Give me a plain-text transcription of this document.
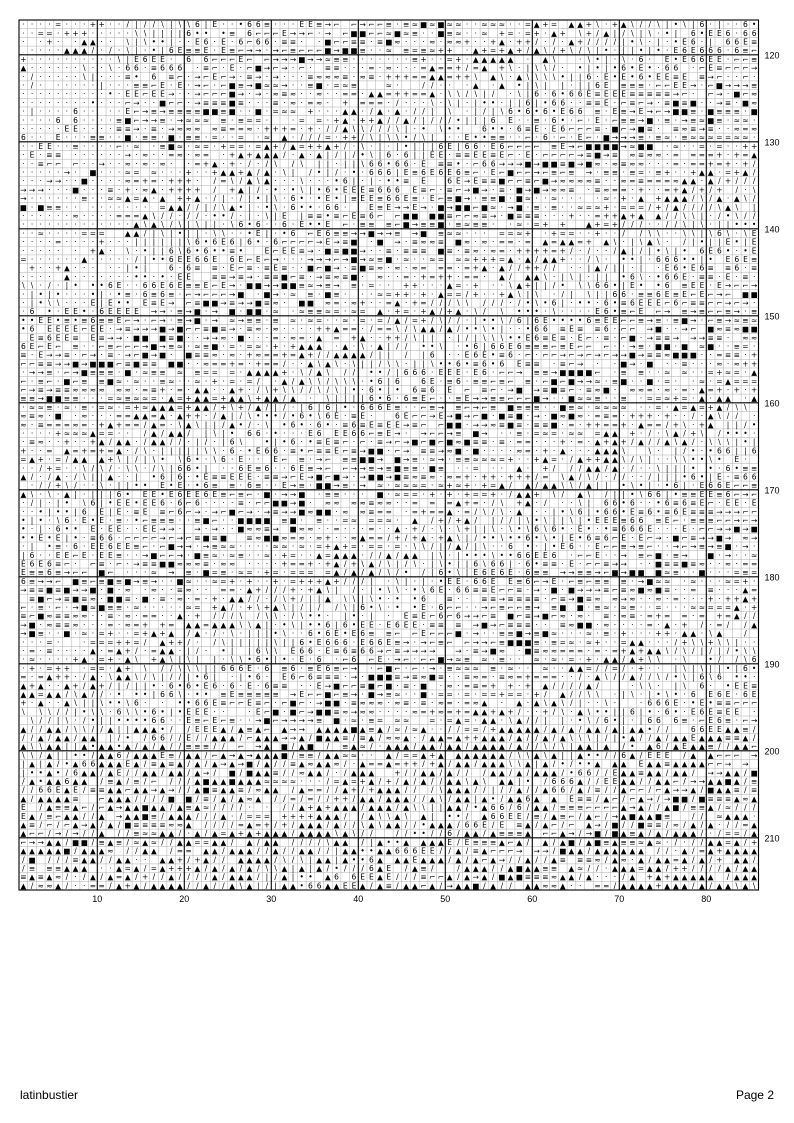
· · · · = · · · + + · · / | / / \ | \ \ 6 | E · · • 6 6 ≡ · · · E E ≡ → ⌐ ⌐ → ⌐ ⌐ ≡ · ≡ ≈ ■ ≈ ■ ≈ ≈ · · ≈ ≈ ≈ · · = ▲ + = ▲ ▲ + \ · + ▲ \ / / \ | • \ | 6 · | · · 6 •
· · = = · + + + · · · · · \ \ | | | | 6 • • • ≡ 6 ⌐ ⌐ ⌐ E → → ⌐ · → ⌐ ■ ■ ⌐ ⌐ ≈ ■ ≈ ≡ · · ■ ≡ ≈ · · ≈ + = · = + · ▲ + \ + / ▲ | / \ | \ · • | 6 • E E 6 · 6 6
· · + · · ▲ ▲ · · \ | \ • • | · · E 6 · E · 6 ⌐ 6 6 · ≡ ≡ · · ■ ⌐ ⌐ ≡ ≡ · ≡ ■ ≈ · · · ≈ · ≈ ≈ + · · + ▲ · + + / · / · ▲ + / / / / | • \ · | · • E 6 · | 6 6 E ≡
· · · · ▲ ▲ ▲ / · / · \ | · • | 6 E ≡ ≡ E · E ≡ ⌐ → → · → ⌐ ≡ ⌐ ⌐ ⌐ ■ → ■ ■ ≡ · · ≈ ≡ = ≡ ≈ + + · ▲ + = + ▲ + / ▲ \ / + \ / \ | • · | | • | • · E 6 E 6 6 6 · 6 ≡ ⌐
+ · · · · · · · · · · \ | E 6 E E · 6 6 ⌐ ⌐ ⌐ E ⌐ ⌐ → → → ■ → → ≈ ≡ ≡ · · · · · · · ≡ + · · = + · ▲ ▲ ▲ ▲ ▲ · ▲ \	· \ • | · \ · 6 · E • E 6 6 E E · ⌐ ⌐ ≡
▲ · · · · · · \ · · \ · 6 6 · ≡ 6 6 6 · ≡ ⌐ · E · ⌐ ■ → ⌐ → · ⌐ · ≡ ≡ · · · = · ≈ · · · = ▲ = = + / = ▲ + \ · | \ \ / · • | • | • 6 • E • · 6 6 · ⌐ E ≡ ⌐ ⌐ ⌐ →
· / · · · · · \ | · · · ≡ • 6 ≡ ⌐ · → ⌐ E ⌐ → · ≡ → · → · · · ≡ ≈ ≈ ≈ ≡ · ≈ ≡ · + + + = = ▲ ▲ = + + \ ▲ \ · ▲ \ \ \ \ • | | 6 · E • E • 6 • E E ≡ E ≡ → ⌐ · · ⌐ ·
· / · · · · · · | · · · ≡ ≡ ⌐ E · E · → ⌐ · ⌐ ■ ≡ → ■ ≈ ≈ → · · ≡ ■ · = ≈ ≡	≈ ·	/ / · · · ▲ · ▲ • | \ | | · | | 6 E ≡ ≡ ≡ · ⌐ ⌐ E E → · ⌐ ■ → → → ≡
· · · · · · · · · · • · E E ⌐ E E → · · → ⌐ ⌐ ⌐ ■ → · → · ≈ ≡ ≈ · · ≈ · · = = · ▲ ▲ = + + = = ▲ · \ \ / \ | / · \ | 6 · 6 • 6 6 E ≡ E E E ≡ ≡ ≡ ≡ ≡ → ⌐ · ⌐ → · ■ ⌐ ≈
· · · · · · · · • · · · ⌐ → · · ■ ⌐ ⌐ · → ≡ ≡ ≡ ■ ≡ · · · ≡ · ≈ · = ≈ · + = = = · / · · · \ · \ | · | • • · | | 6 | • 6 6 · · ≡ ≡ E · ⌐ ≡ ⌐ → · ≡ ■ ≡ ■ · · → ≡ · ■ ≈
· | · · · · 6 · · · · E ⌐ → ≡ → ≡ ≡ ≡ ≡ ■ ■ ≡ ■ · · ■ · = ≈ ≈ + · · · ▲ ▲ · / ▲ · ▲ · / / | \ · | / | \ 6 • 6 • 6 • E 6 6 ≡ · E ≡ → E → ⌐ → ■ ■ ≡ · ■ ≡ ≡ ≡ · ■
· · · · 6 6 · · · · ≡ ■ ⌐ → → ≡ · → ≈ ≈ ≈ ≡ · ≡ = = ·	· = = · + ▲ · + + ▲ / / ▲ / | / / / • | | | 6 E · · ≡ · 6 • · ⌐ · E · ⌐ ≡ ≡ → ■ · ≡ · → ≡ ≈ ■ ≡ · ≈ ≈ ·
· · · · · E E · · · · ≡ ≡ → · ≡ · → ≈ ≈ ≈ ≈ ≡ = = ≈ · + + + = · + · / / ▲ \ \ / / / \ | · • \ • •	6 • • · 6 ≡ E · E 6 ⌐ ⌐ ⌐ ≡ · ■ ⌐ → ■ ≡ · ≡ ≈ ≡ → ≡ · · ≈ = ≈
6 · · E · · · ≡ ≡ · · ■ · ≡ ≡ · ■ · ≡ ≡ · = · · = · ≈ ▲ · / / / = · + + / \ | \ \ • / \ | · · E • • ≡ ≡ · · ⌐ · 6 · ⌐ · E ⌐ · ■ → → → ≡ · ≡ ≈ · ≡ ≈ ≈ ≈ = = ≈ ≈ ·
· · E E · · ≡ · · · · ⌐ · ≈ · ≡ ■ ≈ · ≈ = · + = = · = ▲ + / ▲ = + + ▲ + / · \ · | · | • | | | 6 E | 6 6 · E 6 ⌐ ⌐ ⌐ ⌐ ≡ E → ⌐ ■ ■ ■ ■ → ≈ ■ ■ · ≈ · · = · = · · + +
· E · ≡ ≡ · · · · · · → · ≈ · · = ≈ · ≈ = · + ▲ + ▲ ▲ ▲ / · ▲ · ▲ | / | / • \ | 6 · 6 | | E E · ≡ ≡ E E ≡ E ⌐ · E · ⌐ ⌐ ⌐ ⌐ → ≡ ■ → ≡ ≈ ≡ ≈ ≈ · = = = = + · + = ▲
· · ≡ ⌐ ⌐ ⌐ · · → · · ≈ · ≈ · ≈ · · = + ▲ · + · / · / \ / \ | | · | | \ 6 6 • 6 6 · E ≡ ≡ • · ⌐ 6 6 → → → ■ → ■ ■ ≡ ■ → ■ ≈ · ≈ ≡ ≈ ≈ · · · = · = = + = + · + /
· · · · · → · ■ · · · ≈ = ≈ · · · + · · + ▲ ▲ + ▲ / ▲ · \ | / • | / · • · 6 6 6 | E ≡ 6 E 6 E 6 ≡ ⌐ · E ⌐ ■ ⌐ ⌐ → ⌐ ≡ ⌐ ≡ → · ≡ ≡ · ≡ = · ≡ + · · + ▲ ▲ · = + ▲ /
· · · → → · · ■ · · · · ≈ = + = · + + + · / = \ / ▲ \ ▲ · · · \ · · · • 6 | · | · • • ≡ E	6 E → E ≡ ≡ ■ ⌐ ⌐ ≡ ⌐ ■ → ≈ ≈ ≈ ≈ ≡ · · ≈ = ≡ = = = ≈ ▲ ▲ · ▲ / + / / /
→ → → · · · ■ · · · ≡ · + · ≈ ▲ · + + + + / + ▲ | / · • · • \ | • 6 • E E E ≡ 6 6 6 E ≡ ⌐ · ≡ ⌐ → ■ → · ≡ · ■ → ■ → ≈ ≈ ≡ · ≡ ≈ = = · + · · = + ▲ / + / + / · \
→ · · · · · · ≡ · · ≈ ≈ ▲ = ▲ · ▲ + + ▲ · / | · / | • | \ · 6 • · • E • | ≡ E E ≡ 6 6 E ≡ · E ⌐ ≡ ■ → · ≡ ≡ ■ · ■ ≈ · · ≈ · · · · ≈ · + · ▲ + ▲ ▲ ▲ / \ / ▲ · ▲ \ /
■ · ■ ≡ ≡ · · · · · · · · · = ▲ ▲ / / | / \ ▲ • | · • \ · 6 • • · 6 6 ·	E ≡ E → → E → · ■ → ■ ■ ⌐ ■ ≈ · → ■ · ≡ · ≡ · · ≈ = ≈ + · = = = / + / ▲ / / / / \ ▲ \ |
· · · · · · ≈ · · · · = = = ▲ \ / / · / / · • • / · | · \ | E | ≡ ≡ • ≡ ⌐ E ≡ 6 ⌐ ⌐ ■ ■ ■ ■ ≡ ⌐ ⌐ ≈ ≡ → · ■ ≡ ≡ ≡ · · · + · · = + + ▲ + ▲ ▲ / / \ \ | · / • \ / /
· · · · · · · · · · · · · ▲ \ ▲ \ / \ | \ | | · \ 6 • 6 · · 6 · E • • E ⌐ · ≡ ≡ ≡ ⌐ ■ → ≡ ≡ ■ · ≡ ≈ ≡ ≡ · · ≈ · = + +	▲ + = + / / / · · / / \ | \ · | | • • •
· · ≈ · · · · = = =	▲ ▲ / | \ | • | | · \ \ · · • E | · • 6 ⌐ E 6 ≡ ≡ → → ■ → → ≡ → ■ ≡ ≈ ≈ · · · = = ≈ + · + = = · · + · · / / \ \ · · \ \ | \ 6 \ · \ E
· · · · = · · · · + · · · | | | | | | \ 6 • 6 E 6 | 6 • · 6 ⌐ ⌐ ⌐ ⌐ → E → ≡ ■ · ■ → · ≡ ≈ ≈ ≡ ■ ≈ · ≈ · = = · = ▲ = ▲ ▲ = + ▲ \ · | \ ▲ \ · / | • | | E • | E
· · · · · · + ▲ · \ · • | | 6 \ 6 • 6 • • ≡ •	E ⌐ E E ≡ → · ■ ≡ ■ ■ → · · ≡ · ≡ ≡ ≡ ■ ≡ · ≡ ≈ · ≈ = · + + + + = + / · / · · / ▲ | / | • \ | • 6 E 6 • · • E
= · · · · · · ▲ · · · · · / | • • 6 E E 6 6 E 6 E ⌐ E ⌐ → · · · → → → ⌐ → ■ → ≈ ≡ ■ · ≈ · · ≈ = ≈ ≈ + + + = ▲ · ▲ / ▲ ▲ + · · / \ · • • | · 6 6 6 • • | • E 6 E ≡
+ · · + ▲ · · · · · | • |	6 · 6 ≡ ≡ · E ⌐ ≡ · ≡ E ≡ · · ■ ⌐ ■ → · ≡ ■ ≡ ≈ · ≈ · ≈ = = = · = + ▲ · ▲ / / + + / / · · | ▲ / | | · | · E 6 • E 6 ≡ ≡ 6 · ≡
· · · · ▲ · · · · · · · • • · • · E E	≡ ≡ → ≡ → · ≡ ≡ ■ ⌐ ≡ · → ≡ ≈ ≡ ■ · ≈ · · = · + = + + · = = · ▲ / ▲ ▲ \ · | \ | · | | • 6 \ · • 6 6 E · ≡ ≡ · E · ≡ ·
\ \ · / · | • • • 6 E · · 6 6 E 6 E ≡ ≡ E ⌐ E → · ■ ■ → → ■ ■ ≡ ≈ → ≡ → ≡ · = · · + + · · · ▲ = · + · · \ ▲ + | | / • \ \ 6 6 • | E • • 6 ≡ E E · E → ⌐ ⌐ →
· | • | • · · · • | · • ≡ · 6 ≡ 6 ≡ · ⌐ → ⌐ ⌐ ⌐ → ■ · ■ → · ≈ ≡ · ■ ≡ · · · ≈ = + + · + · ▲ = = / + · · + ▲ \ | \ · / | \ | | 6 6 · ≡ ≡ 6 E ≡ E ⌐ E ⌐ → ⌐ ■ ■
· | • \ \ · · · E | E • • E ≡ E → ⌐ ≡ ■ ■ → ≡ → → ■ ≡ ≈ · ■ ■ ≈ = · ≈ + · · = ▲ · + = / / / \ \ / / / · / • \ • 6 | · • • · 6 • ≡ 6 E E E ⌐ 6 ⌐ ≡ ≡ ⌐ ⌐ → ⌐ → ·
· 6 • · E E • · 6 E E E E → → · ≡ → ■ · → ■ · ■ ■ · ≈ · ≈ ≡ ≡ ≈ = · ≈ = ▲ · + = · + ▲ / + ▲ · \ / \ • • • · \ · · · · E 6 • ≡ ⌐ E ⌐ → ≡ → ≡ ⌐ ⌐ ≡ → · ≡
• • E E • ≡ • ≡ 6 ≡ ≡ E ⌐ → · ⌐ → · ≡ → ■ · → ≈ → ≡ ≡ · ≡ ≈ · ≈ = · · ≈ · = · = / ▲ / = + / \ / / · | • • \ / 6 | 6 E • • • • 6 ≡ E E ⌐ ⌐ ≡ → ≡ · ≡ ■ → · ⌐ ≡ → ≈ ≡ ≈
• 6 E E E E ⌐ E E · → ≡ → → → ■ → ■ ⌐ ⌐ ≡ ■ ≡ → · ≡ ≈ · ≈ · · · · + + ▲ = = · / = = \ / \ ▲ ▲ / ▲ / • • \ • | · · • 6 6 ≡ E ≡ ≡ 6 · ⌐ ⌐ → ■ · · → ⌐ ■ ≈ ≡ ≈ ■ ■
E ≡ 6 E E ≡ E ≡ → → · ■ ■ ■ ≡ ■ · · → → ≈ · ■ · · · = · ≈ = · ▲ = + ▲ · · + + / \ | | · | / | \ \ \ • • E 6 ≡ E ≡ · E ⌐ · ≡ · ⌐ ■ · → ≡ ≡ → → → ≡ ≡ · ≈ ≈
6 E ⌐ E ⌐ ≡ · · ⌐ ≡ ⌐ ⌐ ⌐ → ■ → ≡ ≈ · ≈ ≡ ■ · = · = ≈ · + · + ▲ ▲ ▲ · ▲ · \ · ▲ | / / • • \ · • 6 | 6 6 E 6 ≡ ≡ ≡ ⌐ ≡ E ⌐ ⌐ ⌐ · · → ≡ · ■ ■ · ■ ≈ ■ · · ≡ = ·
≡ · E → → ≡ · ⌐ → · ≡ · → ⌐ ■ → ■ · ■ ≡ ≡ ≈ · ≈ · + ≈ = = + = ▲ + / / ▲ ▲ ▲ ▲ / | | / | 6 · · E 6 E • ≡ 6 · ⌐ · ⌐ ⌐ → ⌐ → ⌐ → ⌐ → → ■ → ≡ ≡ ≈ ■ ■ ■ · · = ≡ ≡ · +
⌐ ⌐ ≡ ≡ → → ■ → ■ ■ ■ ⌐ ≡ ■ ≡ ≡ ■ ■ · · ≈ = = + = · + = = / · · ▲ \ ▲ \ · \ | | / \ \ · | | \ • • 6 • ≡ 6 • 6 E ≡ ≡ · ≡ ⌐ → · · ■ → · ■ · · ≡ · · · ≈ · ≈ + +
· → → ≡ · ⌐ → ■ ≡ ≡ ≡ · ■ · ≈ ≡ ≡ ≈ ≡ = = = · ▲ ▲ ▲ ▲ + · \ / ▲ \ / / • • / | 6 6 6 · E E E · E 6 · ⌐ ⌐ → ≡ ≡ → ■ ■ ■ ■ ⌐ · ≡ ≡ · · ≈ ≈ · · = + ≈ = · ▲
⌐ · ≡ ⌐ · ■ ⌐ ≡ ≡ ■ ≈ · ≈ · · ≡ ≈ · · ≈ · + · = · = / · ▲ / ▲ \ \ / \ \ \ · • 6 | 6	6 E · ≡ 6 · ≡ ≡ ⌐ ≡ ⌐ ≡ · ⌐ ■ ⌐ ■ → → ≈ · ≡ ■ · · ■ · = · · ≈ · = ▲ = = =
⌐ → ≡ → ≡ ≡ ≈ ≈ ≈ ≈ ≈ ≈ · = ≡ + · = · ▲ ▲ · · ▲ + · / \ + \ \ / / \ / \ | • · 6 • | • 6 ≡ 6 E ⌐ ≡ ⌐ · → ■ → ≡ ■ ≡ ⌐ · ≡ ≈ ■ · ≈ ≈ = · ≈ · = · ▲ = + · + · +
≡ ≡ → ■ ■ ≡ ≡ · · · = ≈ ≡ ≈ ≈ = · ▲ = + ▲ ▲ = + ▲ ▲ \ + ▲ ▲ / ▲ · \ | | | | 6 • 6 · 6 ≡ E ⌐ · · ≡ E → → ≡ ≡ ⌐ ⌐ ⌐ ■ → · · ■ ≈ ≈ ≡ · · ≡ · = = ≈ + = · ▲ · ▲ ▲ · ▲
· ≈ ≈ ≡ · ≈ · ≡ · = ≈ · = + ≈ ▲ ▲ ▲ = + ▲ ▲ / + \ + / ▲ / | / · | 6 | 6 | • · 6 6 6 E ≡ · · ⌐ ≡ → ≡ ⌐ → ⌐ ≡ ■ ≡ ≡ ≡ · · ■ ≡ ≈ · ≈ ≈ ≈ ≈ · · = · ▲ = ▲ = + ▲ / \ \
≈ ≡ ≈ · ■ · ≈ · · · = = ▲ ▲ = ▲ · ▲ + + · / ▲ | / \ • • • / • 6 • \ 6 E · ≡ E ·	6 E ⌐ ⌐ → E → ■ → ⌐ ■ · ■ ≡ ■ · → · ■ ≈ ■ ≈ · = ≡ = · + + + · + · · / · ▲ \ / / ·
≈ · ≡ = = = ≈ = · + ▲ + = = / ▲ = · \ ▲ \ | | / ▲ • / · \ • 6 • · 6 • · ≡ 6 ≡ E ≡ E E → ≡ ⌐ ⌐ ■ ■ · → → ≈ ≡ ■ ≡ · ≡ ≡ ■ · = · + + = = + · ▲ = = / + \ · + ▲ | | / •
· · · · + ≈ ≈ ≈ ▲ = = · · / ▲ / ▲ ▲ / | \ | • 6 6 · • · · · E 6 E E 6 6 ⌐ ≡ E → · → ⌐ ⌐ → ≡ ■ → · · ≡ · = ≈ = · ≈ ≈ = ▲ ▲ + · / · \ ▲ / + \ / • • • ·
· ≡ ≈ · · + · · + ▲ / ▲ ▲ · / ▲ ▲ / / · | / · | 6 \	• | • 6 · • ≡ E ≡ ⌐ · ⌐ · ≡ → ⌐ → ■ ⌐ ■ ⌐ ■ ≈ ■ ≡ ≡ · ≡ · = = · · · + · = · ▲ + ▲ + / ▲ / / ▲ \ ▲ / · \ \ \ | • |
+ · · = ▲ = + = + = ▲ · / \ · | | | | | \ \ · 6 · • E 6 6 · ≡ • ⌐ ≡ ≡ E ⌐ ≡ → ■ ■ · ⌐ → ≡ ≡ → ≈ ■ · ■ · · · · ≈ = · + · ▲ · · · ▲ ▲ ▲ \	\ · | / • · • 6 6 | | 6
= ▲ + · = / ▲ ▲ ▲ + \ | / | \ • \ 6 • · \ 6 · E · · E ⌐ ≡ · → ⌐ ≡ ≡ ■ ■ → ■ → ≡ · ≈ → · ≡ ≡ ≈ ≈ ≈ = + · · + ▲ = · / ▲ + + ▲ ▲ \ / \ | · · \ \ • • \ • E ·
· · / + = · · \ / \ / · \ \ · / \ | 6 6 • | · · 6 E ≡ 6 · · 6 E ≡ → ⌐ ⌐ → → ≡ → ≡ ■ ≡ ≡ · ■ ≡ · · = · · ▲ · + / / / ▲ ▲ / ▲ · / · · \ | | | • • · 6 • ≡ ≡
▲ / · / ▲ · / \ | | ▲ · · | • 6 | 6 · • E ≡ ≡ E E E · ≡ ≡ → ⌐ E → ■ ⌐ ■ → · → ■ ■ → ■ ≡ ≈ ≡ ≈ · ≈ = + · + + · + + + / = \ ▲ / \ / · / / · · / | | | • 6 • | E · ≡ 6 6
· / / + \ / · · \ · | | • • E • E · • 6 ≡ ≡ · 6 ≡ · · E → ≡ · ■ ■ → ≡ · → ≈ · ≈ ≈ ≈ = · ≈ + ≈ + · + = ▲ / ▲ / ▲ ▲ \ \ / ▲ | | • \ • | · • 6 | · E 6 6 E ⌐ ⌐ ≡
▲ \ · \ · ▲ | · | | | 6 • E E • E 6 E E 6 E ≡ ⌐ ≡ ⌐ · ■ · → → ■ · ≡ ≡ · · · ■ · ≈ = = · + · + · + = = + · / ▲ ▲ + \ / ▲ \ / | | • \ 6 6 | • ≡ ≡ E E ≡ 6 ⌐ → ⌐
· / | · | • \ 6 | • E E • E E 6 · 6 ⌐ 6 · · · · ≡ · ⌐ ⌐ ■ ■ → ■ · ≈ ≈ ≈ ≈ ≡ ≈ ≈ · · = = = ▲ + = · / \ + ▲ · / · · \ | 6 6 • 6 · · • 6 ≡ 6 ≡ E ⌐ · E E · E
· · • | • • | 6 E | E · ≡ E ≡ ⌐ 6 ⌐ → · → ⌐ ■ ⌐ → · → ≡ → → ■ ≈ ■ ■ · ≈ ≈ ≡ = = · = + = = ▲ · = / \ / \ · ▲ · · | • \ 6 | • 6 6 • E ≡ 6 • ≡ 6 E ≡ ≡ ≡ → → → ⌐ ⌐
• | • · \ 6 · E • E · ≡ · • ⌐ ≡ ≡ ≡ · · ≡ ■ ⌐ · · ■ ■ ■ ■ ≡ ■ · ≡ · · = ≈ = = ≈ · ▲ / + / + ▲ / | / / | \ • \ | | \ | • E E E ≡ 6 6 ≡ E ⌐ · ≡ ≡ ≡ ⌐ ⌐ → ⌐ →
• · | · 6 • • E · E E · · E E → → · → · → · · ■ ≈ ≈ ≡ → ■ ≈ ≈ · · = · · · = · · ▲ · + / · \ · \ + | | \ · \ • \ 6 \ 6 • · E • · • ≡ 6 6 6 E · · · E · ⌐ ⌐ → → ■ → ■
• • E • E | • · ≡ 6 6 · ⌐ ⌐ ⌐ ⌐ → ⌐ → ⌐ ≡ ■ ≡ ■	≡ ≈ ■ ■ ≈ = ≈ · ≈ + · · ≈ ▲ = = / + / + ▲ · + ▲ \ | / • • \ • • 6 • \ • | E • 6 ≡ 6 ⌐ E · E ⌐ → · ■ ⌐ ≡ → → ■ → ≈ →
· | • ≡ · 6 · E E 6 E E ≡ ⌐ · ⌐ ■ → → · → ≡ ≈ ≈ · · · · ≈ ≈ · ≈ · = + ▲ + = · = = · = · \ \ / | / ▲ / | \ · · 6 • · | • E 6 · · E ⌐ ⌐ ≡ → ≡ ⌐ · · → ⌐ → ≡ → ≡ ■ · → ·
| 6 · · E E ⌐ E · E E ≡ · · → ■ ⌐ ⌐ → · ■ ≡ ≈ · ≈ ≡ · · ≈ · + = · · ▲ = ▲ ▲ ▲ · / / ▲ / ▲ ▲ | \ · | • • • \ • • 6 6 E E 6 · ⌐ ⌐ E · · → ≡ ⌐ ■ · ≡ →	■ · → · · ≈
E 6 E 6 ≡ ⌐ · ⌐ ≡ · ⌐ · → ≡ ≡ ■ ■ ≈ ≈ ≈ ≡ · ≈ ≈ · · · · + = = + · + ▲ / + \ ▲ / \ | / \ · | \ • | | 6 \ 6 6 | · 6 • ≡ ≡ · E · ⌐ ⌐ ≡ → → · · ■ ≡ ≡ ■ ≡ ≈ · · ≈ · = =
E ≡ ≡ 6 ≡ → ⌐ ⌐ ■ ⌐ · · · ≈ → ≡ · ■ = ≡ · ≈ = · + = · = = = = ▲ / ▲ / ▲ / \ / • / | 6 • \ | E 6 E 6 E · 6 ≡ ≡ → → ≡ ≡ → ⌐ ■ → ■ ■ ■ ≈ ≡ · · ■ · · · = ≡ =
6 ≡ → → ⌐ ■ ≡ ⌐ ≡ ■ ≡ ■ → ≡ → · · ■ ≈ · · ≈ = + · + · · + · = + + + ▲ + / / / | · \ | · | · • E E · 6 6 E E ≡ 6 ⌐ → E · ⌐ ≡ ⌐ ≡ ≡ ≡ · → ■ ≈ ≈ · ≈ · · · ≈ = + ·
→ ≡ ≡ ■ ≡ ■ → → ■ · ■ · ≈ · ≈ · · ≡ ≈ · · = = · ▲ + / / / + · + ▲ \ | / · | • \ \ · • \ 6 E · 6 6 ≡ ≡ E ⌐ ⌐ ≡ · → · ■ · ■ → → → ≡ ⌐ ≡ ≈ ■ ≈ ■ ≡ · · = ≡ · · · ▲ =
≡ ■ ⌐ → ≡ ■ ≡ ≈ · ■ ■ ≡ · ■ · ≡ · ≈ · = · + · ▲ ▲ / / · / \ + / | | ▲ \ \ | \ • · • • 6	≡ · · ≡ ≡ → ≡ ≡ ≡ ≡ · ⌐ ≡ → ■ ≡ ≈ ≈ → ≈ · · ≈ · = · · · + · + + ▲ +
⌐ · ≡ · ⌐ · → ■ ≈ ■ ≡ ≡ · ≈ · · · · · ≈ = + ▲ / · + \ + ▲ \ | / | / / \ | 6 • \ · • • E · 6 ⌐ ⌐ · · → ⌐ ≡ ⌐ ⌐ ≡ → ≡ ■ ■ · ≡ ≈ · ≈ ≡ · · = · · · ≈ ≈ = = = ▲ · +
≡ ⌐ ■ ≈ ≡ ≡ ≈ ≈ · · ≡ · ≈ · = = · · ▲ · + / / / \ / \ \ · / \ • • · | • · | · E ≡ E ⌐ 6 ⌐ 6 → → ⌐ ≡ ■ ⌐ ≡ → ■ ⌐ ≈ · ≈ · ≡ · ≈ ≡ · = + = = · = + = ▲ / /
→ ■ · ≈ ≡ ≡ ≈ · · · = · ≈ = + + = ▲ ▲ = ▲ ▲ ▲ \ \ ▲ | · • \ | • • 6 | 6 • E E · E 6 E E · ≡ ≡ ≡ → ■ → ⌐ ≡ ≡ ≡ · · ≡ ≈ ■ ■ · ≈ · · · · = · ▲ · + / · = / / ▲
→ ■ ≡ · · ■ · ≈ · = + · · = + ▲ + ▲ / ▲ · / · \ · | | | • \ · · 6 • 6 E • E 6 ≡ ≡ ⌐ ⌐ E ⌐ ⌐ ⌐ ■ · → · · ≡ ≡ ■ → ≡ ■ ≈ · · · ≈ · ≡ · + · · · + + · ▲ ▲ · \ ▲	/
· · · = ·	· = = = + + = / ▲ + + / · / \ | | | | | \ | | 6 • E 6 6 6 · E 6 6 E ≡ → · → ⌐ ≡ ⌐ ⌐ → → ⌐ ≡ ■ ■ ■ ≡ · ≡ = ≈ · ≈ + · · = ▲ ▲ · · · / + \ \ + \ \ | · ·
· = · ≡ · · · · ▲ · = ▲ + / · = ▲ ▲ · | / · • | | 6 \ \ E 6 6 · E ≡ 6 ≡ 6 6 → ⌐ ≡ → → → →	→ · ≡ → ■ ≈ · ■ ≡ ≈ ≈ = = = · = · = + ▲ + ▲ ▲ \ / \ / | / | / • \ \
· ≈ · · · · + ▲ · = + · ▲ \ + ▲ \ | \ | | · \ \ • 6 • | • · E · 6 · ⌐ 6 ⌐ E · → ⌐ · ⌐ ⌐ ■ → ≈ ≡ ≈ · ≡ · · ≈ · ≈ · = · + · ▲ ▲ / ▲ + \ \ · \	• / / \ 6
· + · = + + · = = · ▲ + \ / / \ \ \ | | 6 6 6 E · 6 ≡ 6 · ≡ E 6 ≡ ⌐ → · ⌐ ■ ⌐ · ⌐ · → · ≡ ≈ ≈ ≈ ≡ · ≈ · · ≈ · · ▲ ▲ = / / = / · + · · | \ | \ | | • | 6 •
= · = ▲ + + · / ▲ · \ ▲ ▲ \ / \ | / / | • 6 | · | • 6 · E 6 ⌐ 6 ≡ ≡ ≡ · → · ■ ■ ■ ≡ → ≡ ≈ ■ ≡ · · ≡ ≈ = · ≡ ≈ = + = = = · · / · ▲ \ / / ▲ / / \ / • \ | 6 \ 6 • • ·
▲ + ▲ · · ▲ + / ▲ + / | / | | • · 6 • 6 • E 6 · 6 · E · 6 ≡ ≡ · · E → ■ ⌐ ⌐ ≡ ■ ⌐ ■ · ≡ · ■ · ≈ · = ≡ = + + · + ▲ / / / / ▲ /	· \ \ · | \ 6 · • E E ≡
▲ ▲ = ▲ ▲ / \ ▲ / / · • • • | 6 6 \ · • • ≡ E ≡ ≡ ≡ ≡ ≡ → E ⌐ ⌐ ■ ⌐ ≡ → · ■ → ≡ ≈ · · ■ · = = · = · = = + = = · + / ▲ / / \ \ · | \ · | • \ • · 6 E 6 E · 6 E
+ · ▲ · · ▲ \ | | \ • • \ 6 · · • • 6 6 E ≡ ⌐ ⌐ E ≡ ⌐ · ⌐ ■ ⌐ · → ■ ■ · ≡ ≈ ≈ ≈ · ≈ ≡ · ≡ · ≈ = · = ≈ ▲ · ▲ · ▲ \ ▲ \ / | · · \ ·	· 6 6 6 E · • E • ≡ ≡ ⌐ ⌐ ⌐
\ \ \ / / | • \ \ · 6 \ \ • 6 • | • E E E · ·	· E ⌐ ■ · ■ ⌐ → ■ ■ ≡ ≈ → ≈ ≈ · · · · ≈ = + ≈ = + = ▲ ▲ + ▲ + / · · + / \ · ▲ \ • • | | 6 | • · 6 • · E 6 E ≡ E E ·
\ / / | \ · / • | | • • • • 6 6 · · E ≡ ⌐ E ⌐ ≡ · · → ■ ⌐ → → → → ≡ ■ · ≈ · ≡ = ≈ ≈	= · = ▲ = · ▲ ▲ · \ ▲ / / | | · • \ / 6 • | · | 6 6 6 ≡ · ⌐ E 6 ≡ · ⌐ →
▲ / / ▲ ▲ / \ \ / / ▲ | | ▲ ▲ ▲ • / / E E E ▲ / ▲ ≡ ▲ ⌐ ▲ → → ▲ ▲ ▲ ▲ ■ ▲ ≡ ▲ / ≈ / ≈ ▲ · · / / = = / + ▲ ▲ ▲ ▲ ▲ / ▲ / ▲ / ▲ ▲ / ▲ | ▲ ▲ • / /	6 6 E E ▲ ▲ ≡ /
/ / ▲ / ▲ ▲ / ▲ ▲ | / • / 6 6 / / E / / ▲ ▲ ▲ / ⌐ ▲ ▲ ▲ → → ▲ / ■ ▲ ▲ ≡ / ≡ ▲ / ≈ ≈ ▲ · / ▲ ▲ = ▲ + + ▲ ▲ ▲ / ▲ / / ▲ / ▲ \ \ \ | / | • ▲ / / ▲ / ▲ ▲ E ▲ ▲ ▲ ≡ ≡ ▲ /
▲ \ \ ▲ ▲ | | ▲ • ▲ ▲ • ▲ / ▲ / ▲ / / ≡ ≡ ≡ / / ⌐ → ▲ ■ / ▲ ■ / ≡ ▲ ≈ / · ▲ ▲ ▲ / ▲ ▲ / ▲ ▲ / ▲ ▲ ▲ ▲ / ▲ / / \ / \ | ▲ ▲ | ▲ / • ▲ 6 / ▲ E ▲ ▲ ≡ / / ▲ ▲ ⌐
\ \ / ▲ | | • • / ▲ ▲ 6 / ▲ ▲ ▲ E ≡ / ▲ ▲ / ⌐ ▲ → ▲ → ▲ ▲ ▲ ■ / ≡ ≡ / ▲ ▲ ≈ ≈ · · ▲ / = = ▲ + ▲ ▲ ▲ ▲ ▲ ▲ ▲ / \ \ ▲ \ ▲ | | ▲ • • / / 6 ▲ / E E E / ▲ ▲ ⌐ ⌐ ⌐ →
| ▲ | ▲ / • ▲ 6 6 ▲ ▲ ▲ E ▲ / ≡ ▲ ≡ ▲ / ▲ / ▲ → ▲ → ■ / ▲ / / ≡ ▲ ≈ ▲ ▲ ≈ / · ▲ = = ▲ = + + / + ▲ / ▲ ▲ / ▲ ▲ ▲ \ \ ▲ | ▲ / • / • • ▲ ▲ ▲ E ▲ ▲ ≡ ▲ ▲ ▲ ▲ ⌐ ⌐ → →
| • • ▲ • / 6 ▲ ▲ / ▲ E / / ▲ ▲ / ▲ ▲ / ▲ → / ■ / ■ ▲ ▲ ≡ / / ≈ ▲ ▲ / · / ▲ ▲ ▲	+ / / ▲ ▲ / ▲ / / / ▲ ▲ / ▲ / ▲ ▲ ▲ / • 6 6 / / E ▲ ▲ ≡ ▲ ▲ / ▲ ▲ / → → ▲ ▲ / ■
/ ▲ • ▲ ▲ 6 ▲ ▲ / ≡ ▲ / ≡ / ⌐ / / / ▲ ■ ▲ ▲ ■ ▲ ▲ ▲ ≈ ≈ ≈ ≈ · · · / = ▲ = + ▲ / + / ▲ / ▲ / / ▲ ▲ \ ▲ \ ▲ ▲ | • / 6 6 6 ▲ / / E E ▲ ▲ / / ▲ ▲ ⌐ / → → ▲ ▲ ■ ▲ / ≡
/ / 6 6 E ▲ E / ≡ ≡ ▲ ▲ ⌐ ▲ ▲ → ▲ → / / ▲ ■ ≡ ▲ ▲ ≡ / ≈ ▲ ▲ / ▲ = = / / ▲ + / + ▲ ▲ ▲ / / / \ ▲ ▲ ▲ / / | / / ▲ / / ▲ 6 6 / ▲ / ≡ / / ▲ ⌐ ⌐ / ⌐ ▲ → → ▲ / ■ ▲ ▲ ≡ / ≡
▲ / ▲ ▲ ▲ ▲ ≡	⌐ ▲ ▲ ▲ / / / / ■ ■ / ≡ / ▲ / ▲ ≈ ▲ / / = / = / / + + / ▲ ▲ / ▲ ▲ ▲ / / ▲ \ / ▲ ▲ | ▲ • / ▲ ▲ 6 ▲ ▲ E ≡ ≡ / ▲ ⌐ / ⌐ ▲ → / → ■ ■ / ■ ≡ ≡ ≡ ▲ ≈ ▲
E / ▲ ≡ ≡ ▲ ⌐ / ⌐ ▲ → ▲ ▲ ■ ▲ ▲ / ▲ ≡ ▲ ≈ / / / / · · / / ▲ + ▲ + ▲ ▲ ▲ / ▲ ▲ ▲ / ▲ \ \ | | ▲ ▲ / • ▲ 6 6 / 6 / ▲ ▲ / ≡ ≡ ≡ ⌐ ⌐ ⌐ ⌐ ▲ → ▲ / / ▲ ■ / ≡ ≡ ▲ / ≈ / / /
E ▲ / ≡ ⌐ ▲ ▲ / / ▲ → ▲ ▲ ■ ≡ / ▲ ▲ ▲ / / / ▲ · / = = = + + + + ▲ ▲ ▲ / / ▲ \ \ ▲ \ ▲ | • • / ▲ 6 6 E E / ≡ / ▲ ≡ ⌐ / ▲ ⌐ / → ▲ ■ ▲ ▲ ■ ≡	/ / ≈ ▲ ▲ ▲ ·
▲ ≡ / ⌐ / ⌐ ▲ → ▲ / ▲ / ■ ≡ ≡ ≡ ≡ ≈ ≈ ▲ / / / / = ▲ = + / + / ▲ ▲ ▲ / ▲ / / \ ▲ \ ▲ ▲ / / • ▲ ▲ ▲ / 6 6 E / E ≡ ▲ / ▲ ⌐ / ⌐ ▲ → / ■ / / ■ ≡ ≡ / ≈ / ▲ / ▲ · / / = ▲
▲ ⌐ ⌐ / → / → / / ▲ / / ≡ ≈ ≈ ▲ ▲ / · ▲ / ▲ = ▲ + ▲ + ▲ ▲ ▲ / ▲ ▲ ▲ ▲ \ ▲ \ / /	/ / • • / / 6 / ▲ ▲ / ▲ ≡ ≡ ≡ ▲ ⌐ ⌐ ▲ → / → ■ / ■ ▲ ≡ ▲ / ▲ / ▲ ▲ ▲ / · / = = / ▲
⌐ → → ▲ ▲ / ■ ■ / ≡ ▲ ≡ / ≈ ▲ ≈ / / ▲ ▲ = = ▲ ▲ / ▲ / ▲ ▲ / / / / \ ▲ ▲ / | ▲ • • ▲ ▲ ▲ ▲ E / E ≡ ≡ ≡ ▲ ⌐ ▲ / ▲ / ▲ ■ / ▲ ■ ≡ ▲ ≡ ≡ ≈ ▲ ≈ · / · / / ▲ ▲ = ▲ / +
▲ ▲ ▲ ▲ ▲ ■ / ▲ ▲ ▲ ≈ / / ▲ ▲ / = = ▲ ▲ / ▲ ▲ ▲ / / ▲ / / ▲ ▲ / / | ▲ ▲ • • ▲ ▲ 6 6 6 E E / / ▲ / ≡ ▲ ⌐ ⌐ ⌐ → → → / ■ ▲ ▲ / ▲ ▲ ▲ ▲ ▲ ▲ / / · ▲ / = ▲ + ▲ ▲ ▲ ▲
/ ■ / / / ≡ ▲ ▲ / / ▲ ▲ · · ▲ ▲ + / + ▲ / / ▲ ▲ ▲ ▲ / \ / \ | ▲ ▲ | ▲ • • 6 ▲ ▲ ▲ E ▲ ▲ ▲ / ▲ / ▲ ⌐ ▲ → / / ▲ / / ▲ ≡ ≡ ≡ ≈ / ▲ ≈ · ▲ / ▲ ▲ = ▲ / ▲ / + ▲ ▲ /
/ ≡ ≡ ≡ ▲ ▲ ▲ · · ▲ = ▲ / = ▲ + + + ▲ / ▲ / ▲ / ▲ / \ \ ▲ | ▲ | ▲ / • / / / 6 ▲ E / ▲ ≡ /	/ ▲ ▲ ▲ / / ▲ ■ ▲ ▲ ≡ ≡ ▲ ≈ / / · ▲ ▲ ▲ = ▲ ▲ / + + / / / / ▲ / ▲ ▲
≡ ▲ ≡ ▲ ≈ / · / ▲ / ▲ = ▲ / + / / ▲ / / / / ▲ / ▲ ▲ ▲ / | / ▲ | • • ▲ 6 6 E E ▲ E / / / ≡ ⌐ ⌐ ▲ / ▲ → ▲ / ■ ▲ ■ ≡ ≡ ≡ ≈ ▲ ▲ / ▲ · · · / ▲ + ▲ + ▲ ▲ ▲ ▲ ▲ / ▲ ▲ ▲
▲ / ≈ ≈ ▲ / · · = = / ▲ + ▲ / ▲ ▲ ▲ ▲ / / ▲ / / ▲ \ ▲ | / | ▲ ▲ • 6 6 ▲ ▲ E E ▲ / ▲ ≡ / ▲ ▲ ⌐ ▲ / → ▲ ▲ ■ / ▲ / / ▲ ▲ ≈ ≈ ▲ · · = = / ▲ ▲ ▲ ▲ + ▲ ▲ ▲ / ▲ / ▲ ▲ \ ▲ \
120
130
140
150
160
170
180
190
200
210
10	20	30	40	50	60	70	80
latinbustier	Page 2
